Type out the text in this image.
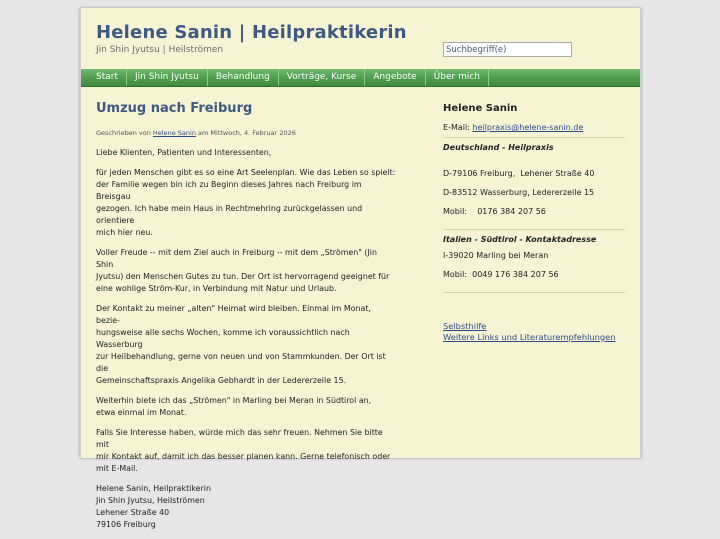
Helene Sanin | Heilpraktikerin

Jin Shin Jyutsu | Heilströmen

Suchbegriff(e)
Start	Jin Shin Jyutsu	Behandlung	Vorträge, Kurse	Angebote	Über mich
Umzug nach Freiburg

Geschrieben von Helene Sanin am Mittwoch, 4. Februar 2026

Liebe Klienten, Patienten und Interessenten,

für jeden Menschen gibt es so eine Art Seelenplan. Wie das Leben so spielt:
der Familie wegen bin ich zu Beginn dieses Jahres nach Freiburg im Breisgau
gezogen. Ich habe mein Haus in Rechtmehring zurückgelassen und orientiere
mich hier neu.

Voller Freude -- mit dem Ziel auch in Freiburg -- mit dem „Strömen" (Jin Shin
Jyutsu) den Menschen Gutes zu tun. Der Ort ist hervorragend geeignet für
eine wohlige Ström-Kur, in Verbindung mit Natur und Urlaub.

Der Kontakt zu meiner „alten" Heimat wird bleiben. Einmal im Monat, bezie-
hungsweise alle sechs Wochen, komme ich voraussichtlich nach Wasserburg
zur Heilbehandlung, gerne von neuen und von Stammkunden. Der Ort ist die
Gemeinschaftspraxis Angelika Gebhardt in der Ledererzeile 15.

Weiterhin biete ich das „Strömen" in Marling bei Meran in Südtirol an,
etwa einmal im Monat.

Falls Sie Interesse haben, würde mich das sehr freuen. Nehmen Sie bitte mit
mir Kontakt auf, damit ich das besser planen kann. Gerne telefonisch oder
mit E-Mail.

Helene Sanin, Heilpraktikerin
Jin Shin Jyutsu, Heilströmen
Lehener Straße 40
79106 Freiburg

Helene Sanin
E-Mail: heilpraxis@helene-sanin.de
Deutschland - Heilpraxis
D-79106 Freiburg,  Lehener Straße 40
D-83512 Wasserburg, Ledererzeile 15
Mobil: 0176 384 207 56
Italien - Südtirol - Kontaktadresse
I-39020 Marling bei Meran
Mobil: 0049 176 384 207 56
Selbsthilfe
Weitere Links und Literaturempfehlungen
